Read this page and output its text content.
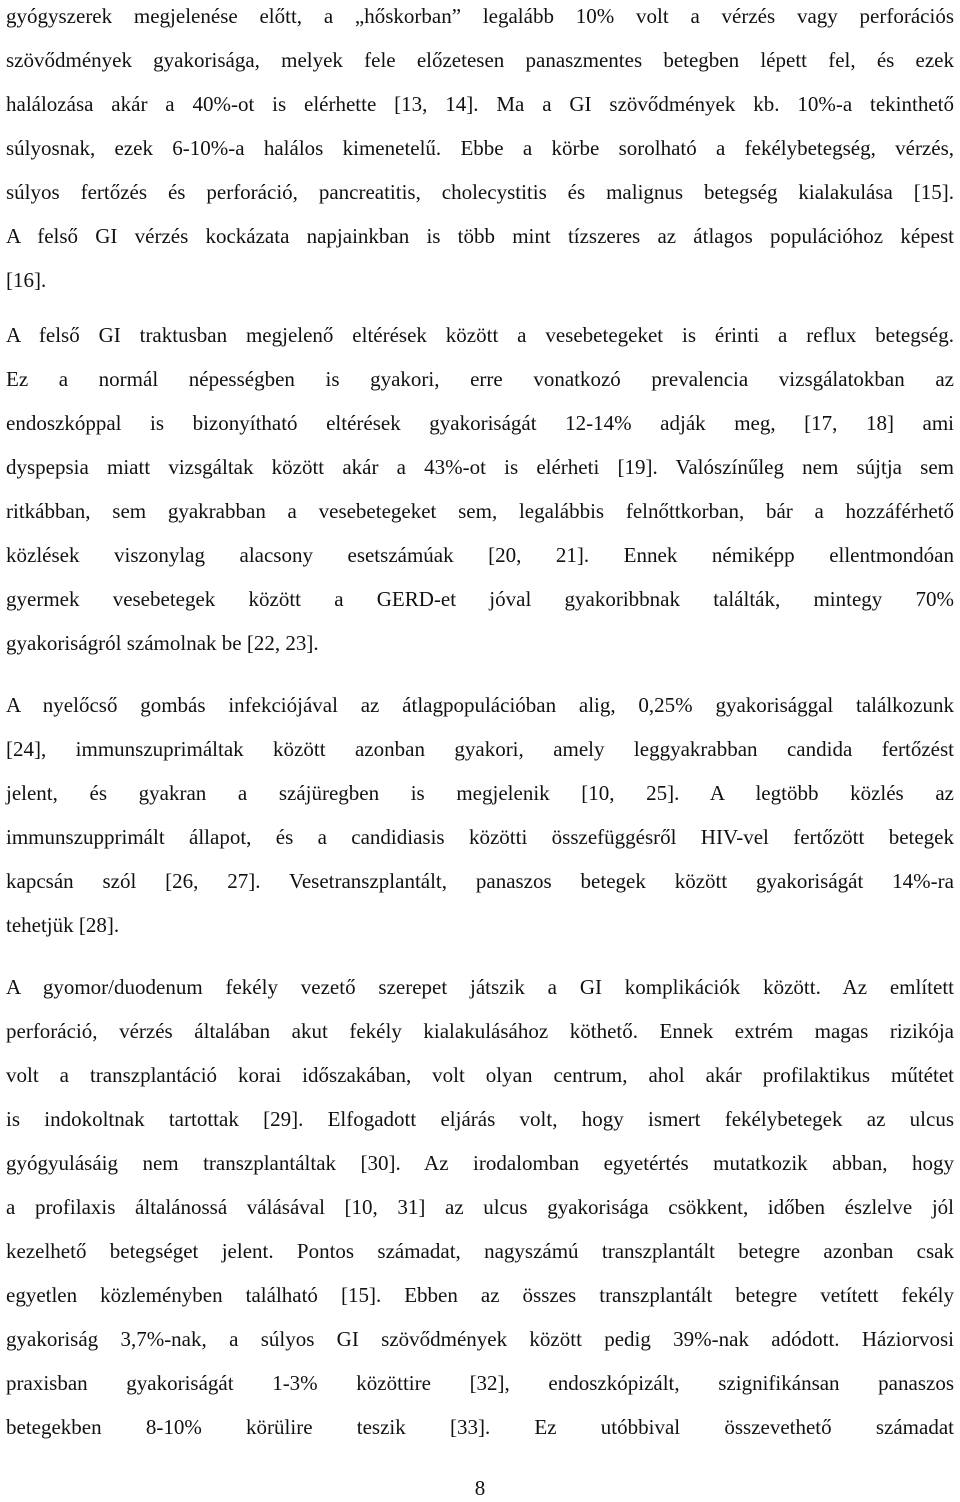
gyógyszerek megjelenése előtt, a „hőskorban” legalább 10% volt a vérzés vagy perforációs
szövődmények gyakorisága, melyek fele előzetesen panaszmentes betegben lépett fel, és ezek
halálozása akár a 40%-ot is elérhette [13, 14]. Ma a GI szövődmények kb. 10%-a tekinthető
súlyosnak, ezek 6-10%-a halálos kimenetelű. Ebbe a körbe sorolható a fekélybetegség, vérzés,
súlyos fertőzés és perforáció, pancreatitis, cholecystitis és malignus betegség kialakulása [15].
A felső GI vérzés kockázata napjainkban is több mint tízszeres az átlagos populációhoz képest
[16].
A felső GI traktusban megjelenő eltérések között a vesebetegeket is érinti a reflux betegség.
Ez a normál népességben is gyakori, erre vonatkozó prevalencia vizsgálatokban az
endoszkóppal is bizonyítható eltérések gyakoriságát 12-14% adják meg, [17, 18] ami
dyspepsia miatt vizsgáltak között akár a 43%-ot is elérheti [19]. Valószínűleg nem sújtja sem
ritkábban, sem gyakrabban a vesebetegeket sem, legalábbis felnőttkorban, bár a hozzáférhető
közlések viszonylag alacsony esetszámúak [20, 21]. Ennek némiképp ellentmondóan
gyermek vesebetegek között a GERD-et jóval gyakoribbnak találták, mintegy 70%
gyakoriságról számolnak be [22, 23].
A nyelőcső gombás infekciójával az átlagpopulációban alig, 0,25% gyakorisággal találkozunk
[24], immunszuprimáltak között azonban gyakori, amely leggyakrabban candida fertőzést
jelent, és gyakran a szájüregben is megjelenik [10, 25]. A legtöbb közlés az
immunszupprimált állapot, és a candidiasis közötti összefüggésről HIV-vel fertőzött betegek
kapcsán szól [26, 27]. Vesetranszplantált, panaszos betegek között gyakoriságát 14%-ra
tehetjük [28].
A gyomor/duodenum fekély vezető szerepet játszik a GI komplikációk között. Az említett
perforáció, vérzés általában akut fekély kialakulásához köthető. Ennek extrém magas rizikója
volt a transzplantáció korai időszakában, volt olyan centrum, ahol akár profilaktikus műtétet
is indokoltnak tartottak [29]. Elfogadott eljárás volt, hogy ismert fekélybetegek az ulcus
gyógyulásáig nem transzplantáltak [30]. Az irodalomban egyetértés mutatkozik abban, hogy
a profilaxis általánossá válásával [10, 31] az ulcus gyakorisága csökkent, időben észlelve jól
kezelhető betegséget jelent. Pontos számadat, nagyszámú transzplantált betegre azonban csak
egyetlen közleményben található [15]. Ebben az összes transzplantált betegre vetített fekély
gyakoriság 3,7%-nak, a súlyos GI szövődmények között pedig 39%-nak adódott. Háziorvosi
praxisban gyakoriságát 1-3% közöttire [32], endoszkópizált, szignifikánsan panaszos
betegekben 8-10% körülire teszik [33]. Ez utóbbival összevethető számadat
8
